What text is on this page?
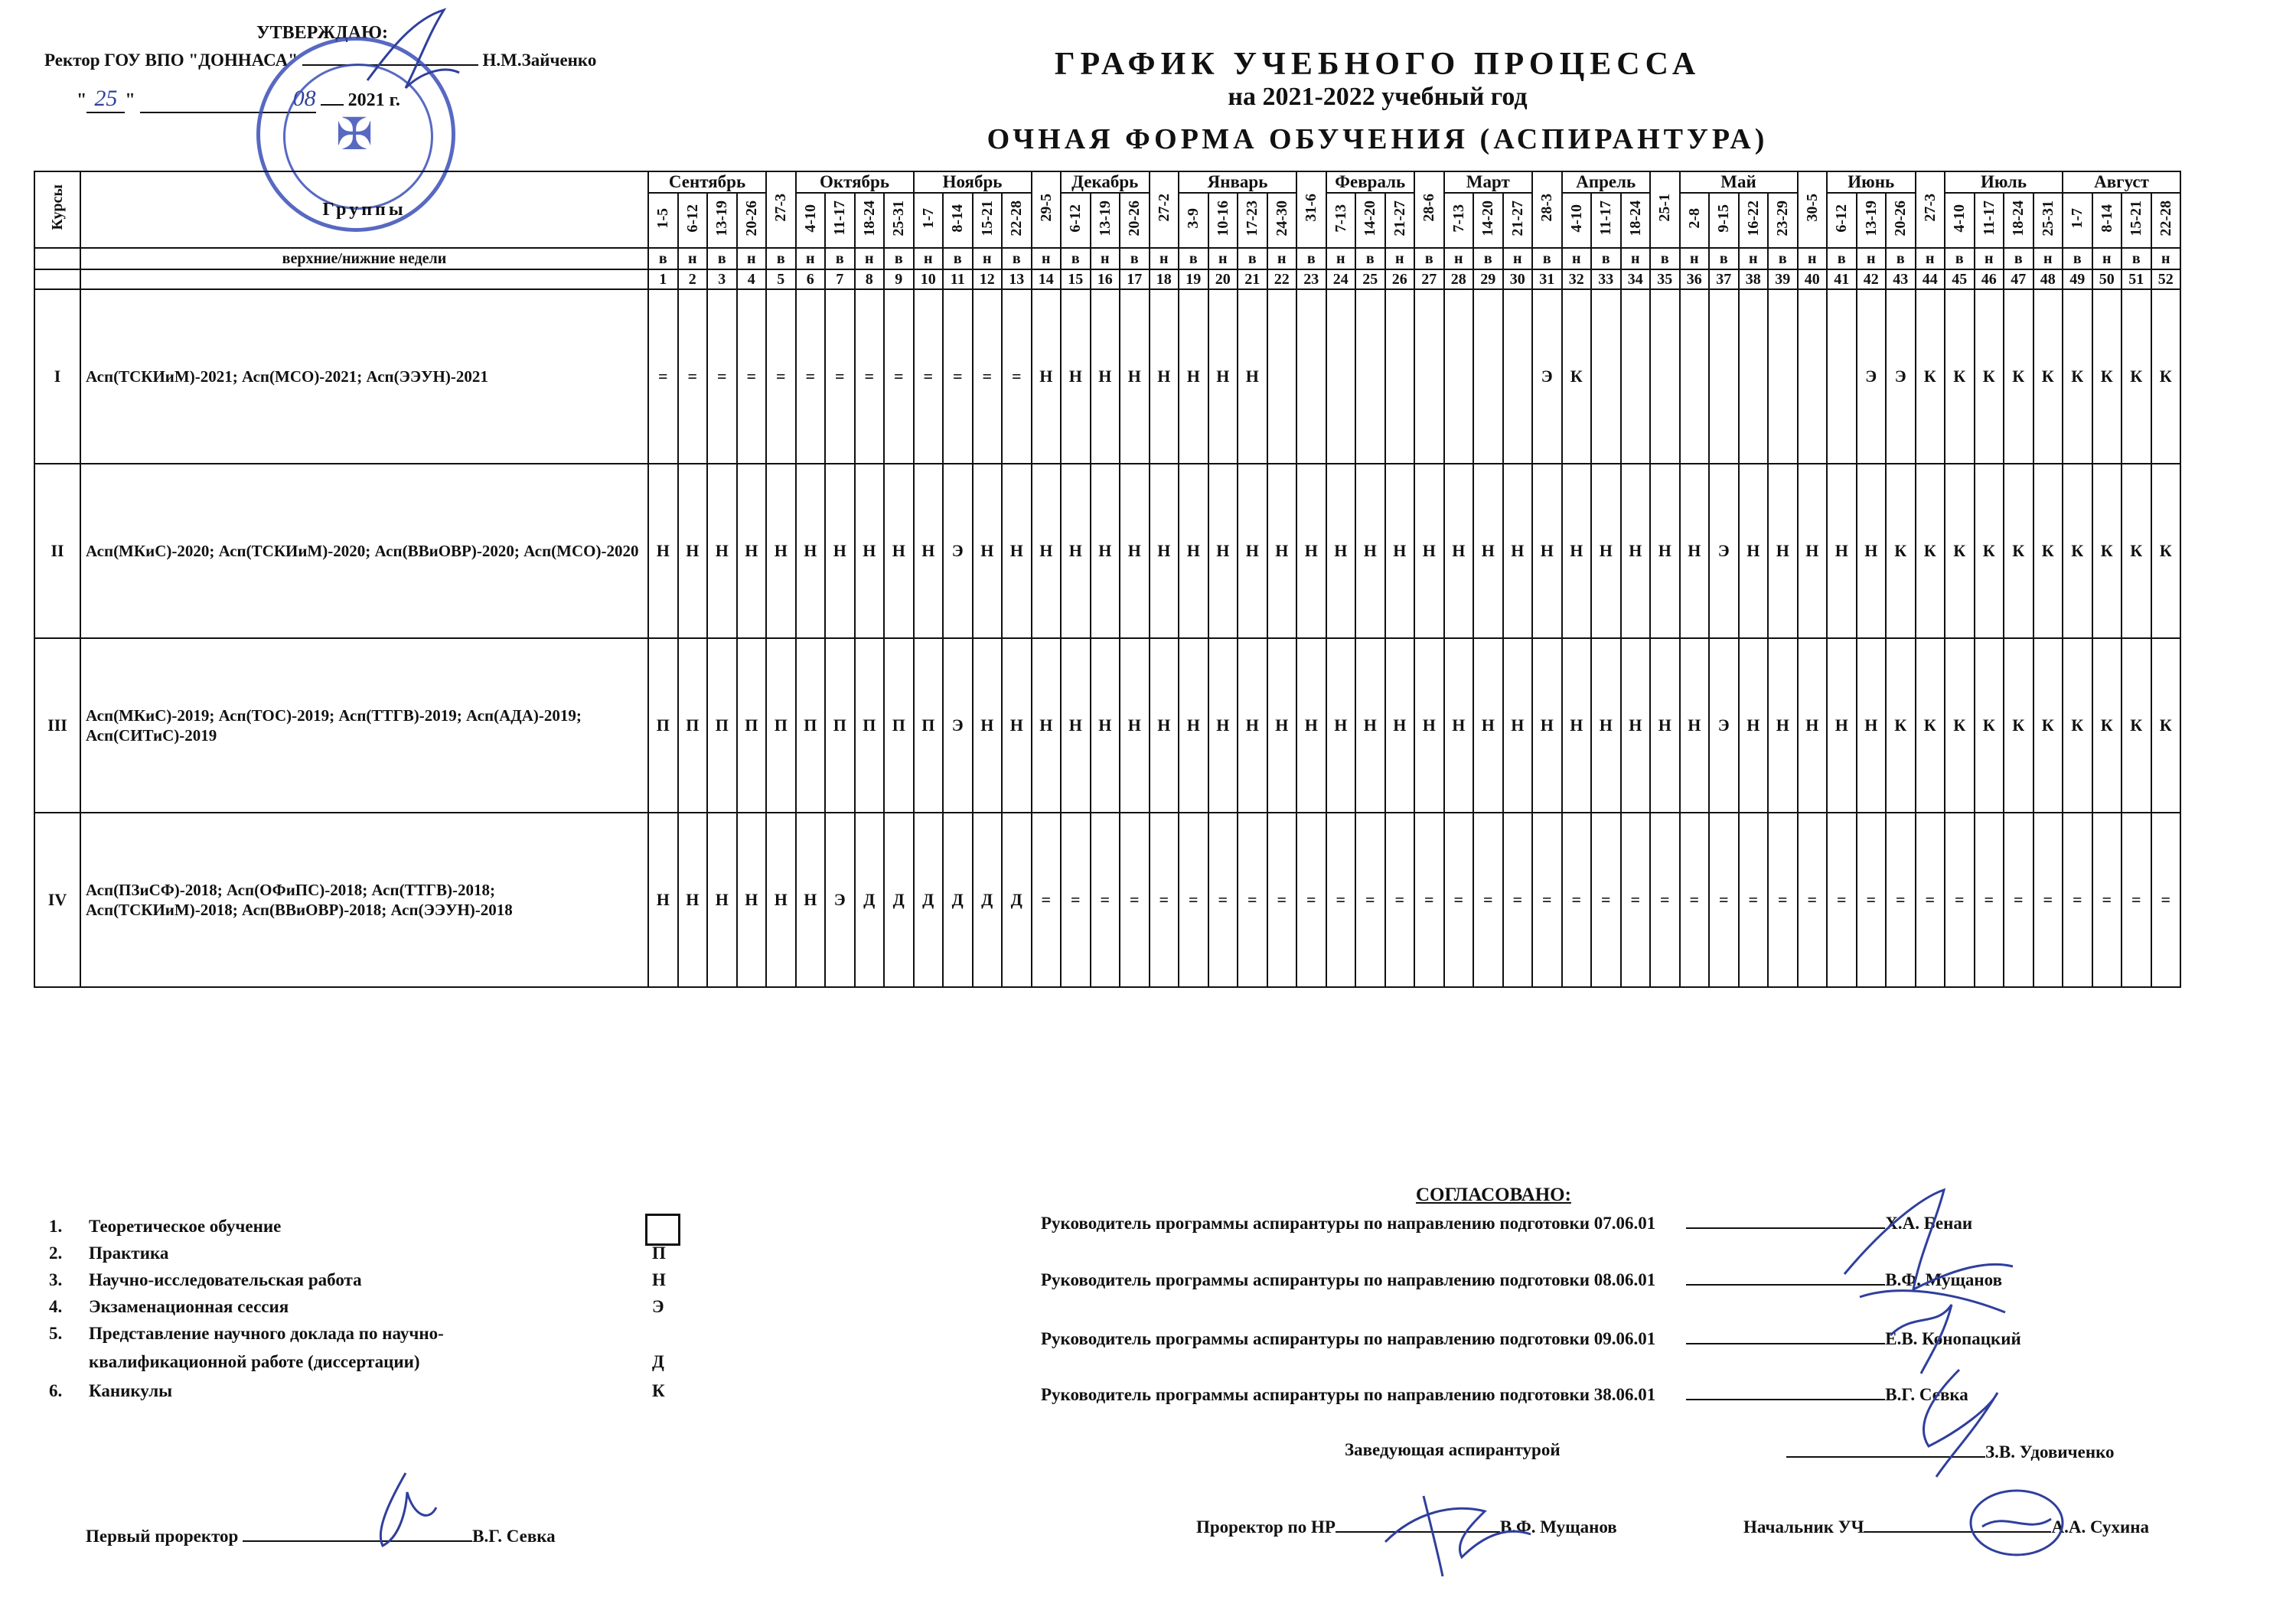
УТВЕРЖДАЮ:
Ректор ГОУ ВПО "ДОННАСА"	Н.М.Зайченко
" 25 "	08 2021 г.
✠
ГРАФИК УЧЕБНОГО ПРОЦЕССА
на 2021-2022 учебный год
ОЧНАЯ ФОРМА ОБУЧЕНИЯ (АСПИРАНТУРА)
Курсы	Группы	Сентябрь				27-3	Октябрь				Ноябрь				29-5	Декабрь			27-2	Январь				31-6	Февраль			28-6	Март			28-3	Апрель			25-1	Май				30-5	Июнь			27-3	Июль				Август			
		1-5	6-12	13-19	20-26		4-10	11-17	18-24	25-31	1-7	8-14	15-21	22-28		6-12	13-19	20-26		3-9	10-16	17-23	24-30		7-13	14-20	21-27		7-13	14-20	21-27		4-10	11-17	18-24		2-8	9-15	16-22	23-29		6-12	13-19	20-26		4-10	11-17	18-24	25-31	1-7	8-14	15-21	22-28
	верхние/нижние недели	в	н	в	н	в	н	в	н	в	н	в	н	в	н	в	н	в	н	в	н	в	н	в	н	в	н	в	н	в	н	в	н	в	н	в	н	в	н	в	н	в	н	в	н	в	н	в	н	в	н	в	н
		1	2	3	4	5	6	7	8	9	10	11	12	13	14	15	16	17	18	19	20	21	22	23	24	25	26	27	28	29	30	31	32	33	34	35	36	37	38	39	40	41	42	43	44	45	46	47	48	49	50	51	52
I	Асп(ТСКИиМ)-2021; Асп(МСО)-2021; Асп(ЭЭУН)-2021	=	=	=	=	=	=	=	=	=	=	=	=	=	Н	Н	Н	Н	Н	Н	Н	Н										Э	К										Э	Э	К	К	К	К	К	К	К	К	К
II	Асп(МКиС)-2020; Асп(ТСКИиМ)-2020; Асп(ВВиОВР)-2020; Асп(МСО)-2020	Н	Н	Н	Н	Н	Н	Н	Н	Н	Н	Э	Н	Н	Н	Н	Н	Н	Н	Н	Н	Н	Н	Н	Н	Н	Н	Н	Н	Н	Н	Н	Н	Н	Н	Н	Н	Э	Н	Н	Н	Н	Н	К	К	К	К	К	К	К	К	К	К
III	Асп(МКиС)-2019; Асп(ТОС)-2019; Асп(ТТГВ)-2019; Асп(АДА)-2019; Асп(СИТиС)-2019	П	П	П	П	П	П	П	П	П	П	Э	Н	Н	Н	Н	Н	Н	Н	Н	Н	Н	Н	Н	Н	Н	Н	Н	Н	Н	Н	Н	Н	Н	Н	Н	Н	Э	Н	Н	Н	Н	Н	К	К	К	К	К	К	К	К	К	К
IV	Асп(ПЗиСФ)-2018; Асп(ОФиПС)-2018; Асп(ТТГВ)-2018; Асп(ТСКИиМ)-2018; Асп(ВВиОВР)-2018; Асп(ЭЭУН)-2018	Н	Н	Н	Н	Н	Н	Э	Д	Д	Д	Д	Д	Д	=	=	=	=	=	=	=	=	=	=	=	=	=	=	=	=	=	=	=	=	=	=	=	=	=	=	=	=	=	=	=	=	=	=	=	=	=	=	=
1. Теоретическое обучение
2. Практика	П
3. Научно-исследовательская работа	Н
4. Экзаменационная сессия	Э
5. Представление научного доклада по научно-
квалификационной работе (диссертации)	Д
6. Каникулы	К
Первый проректор	В.Г. Севка
СОГЛАСОВАНО:
Руководитель программы аспирантуры по направлению подготовки 07.06.01	Х.А. Бенаи
Руководитель программы аспирантуры по направлению подготовки 08.06.01	В.Ф. Мущанов
Руководитель программы аспирантуры по направлению подготовки 09.06.01	Е.В. Конопацкий
Руководитель программы аспирантуры по направлению подготовки 38.06.01	В.Г. Севка
Заведующая аспирантурой	З.В. Удовиченко
Проректор по НР	В.Ф. Мущанов	Начальник УЧ	А.А. Сухина
